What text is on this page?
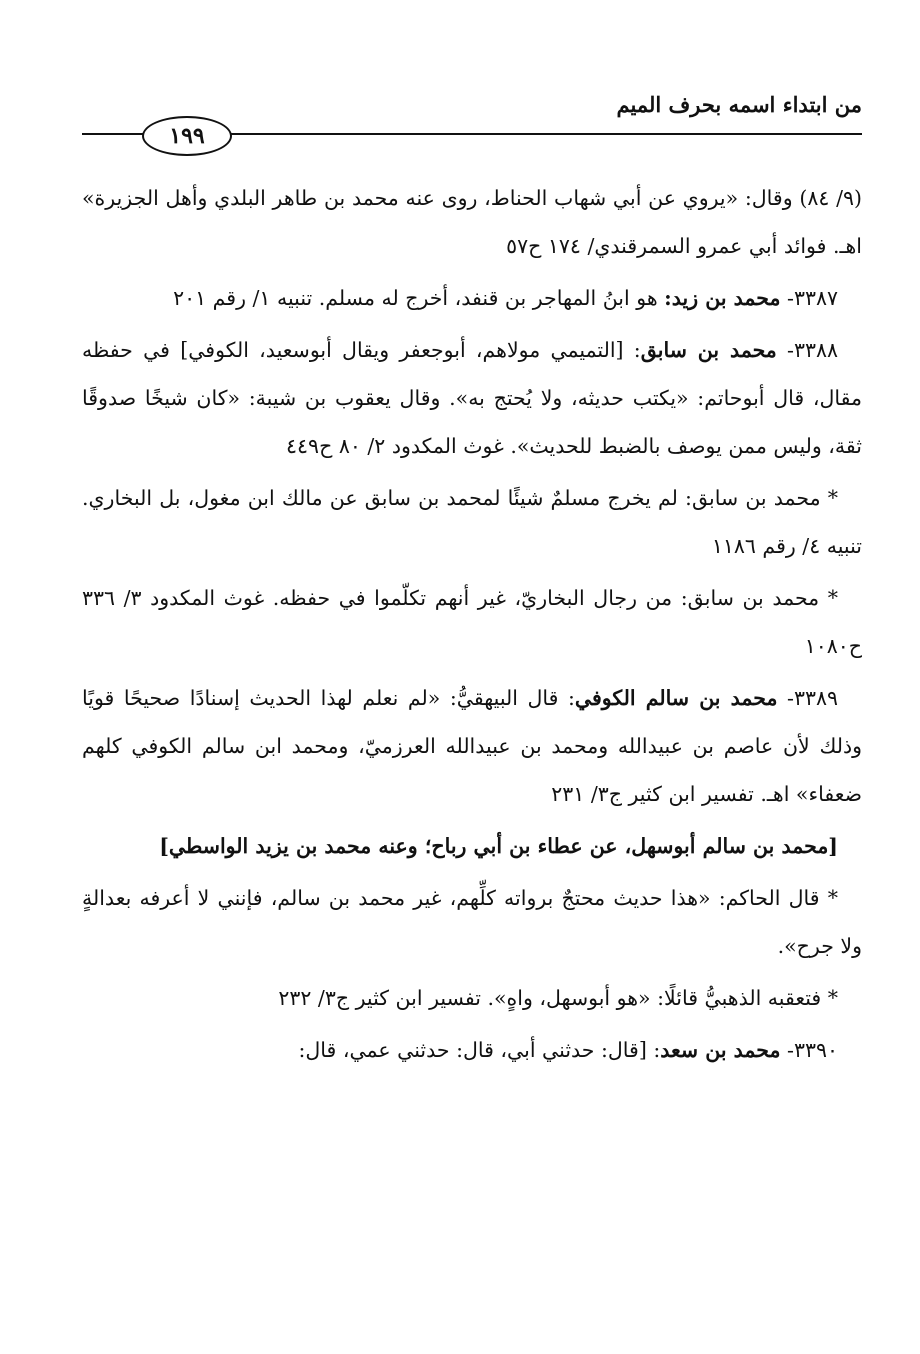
من ابتداء اسمه بحرف الميم
١٩٩

(٩/ ٨٤) وقال: «يروي عن أبي شهاب الحناط، روى عنه محمد بن طاهر البلدي وأهل الجزيرة» اهـ. فوائد أبي عمرو السمرقندي/ ١٧٤ ح٥٧

٣٣٨٧- محمد بن زيد: هو ابنُ المهاجر بن قنفد، أخرج له مسلم. تنبيه ١/ رقم ٢٠١

٣٣٨٨- محمد بن سابق: [التميمي مولاهم، أبوجعفر ويقال أبوسعيد، الكوفي] في حفظه مقال، قال أبوحاتم: «يكتب حديثه، ولا يُحتج به». وقال يعقوب بن شيبة: «كان شيخًا صدوقًا ثقة، وليس ممن يوصف بالضبط للحديث». غوث المكدود ٢/ ٨٠ ح٤٤٩

* محمد بن سابق: لم يخرج مسلمٌ شيئًا لمحمد بن سابق عن مالك ابن مغول، بل البخاري. تنبيه ٤/ رقم ١١٨٦

* محمد بن سابق: من رجال البخاريّ، غير أنهم تكلّموا في حفظه. غوث المكدود ٣/ ٣٣٦ ح١٠٨٠

٣٣٨٩- محمد بن سالم الكوفي: قال البيهقيُّ: «لم نعلم لهذا الحديث إسنادًا صحيحًا قويًا وذلك لأن عاصم بن عبيدالله ومحمد بن عبيدالله العرزميّ، ومحمد ابن سالم الكوفي كلهم ضعفاء» اهـ. تفسير ابن كثير ج٣/ ٢٣١

[محمد بن سالم أبوسهل، عن عطاء بن أبي رباح؛ وعنه محمد بن يزيد الواسطي]

* قال الحاكم: «هذا حديث محتجٌ برواته كلِّهم، غير محمد بن سالم، فإنني لا أعرفه بعدالةٍ ولا جرح».

* فتعقبه الذهبيُّ قائلًا: «هو أبوسهل، واهٍ». تفسير ابن كثير ج٣/ ٢٣٢

٣٣٩٠- محمد بن سعد: [قال: حدثني أبي، قال: حدثني عمي، قال:
